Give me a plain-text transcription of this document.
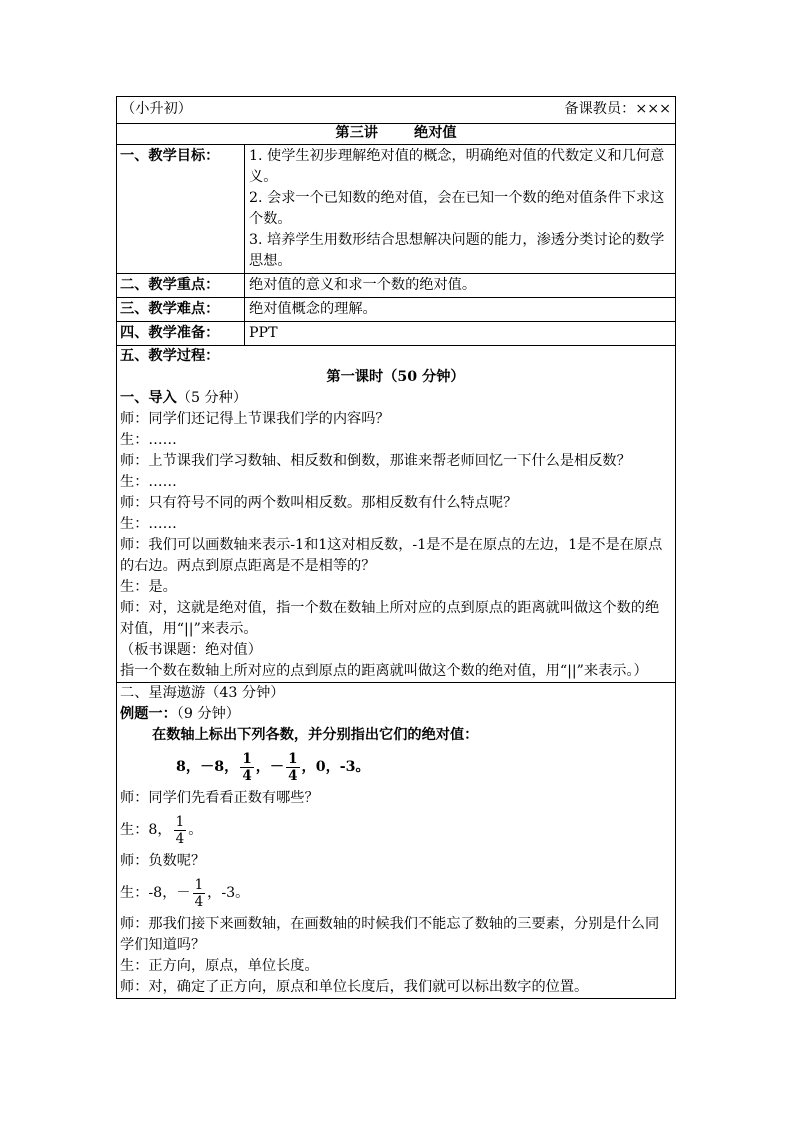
（小升初）	备课教员：×××
第三讲	绝对值
一、教学目标：	1. 使学生初步理解绝对值的概念，明确绝对值的代数定义和几何意义。
2. 会求一个已知数的绝对值，会在已知一个数的绝对值条件下求这个数。
3. 培养学生用数形结合思想解决问题的能力，渗透分类讨论的数学思想。
二、教学重点：	绝对值的意义和求一个数的绝对值。
三、教学难点：	绝对值概念的理解。
四、教学准备：	PPT
五、教学过程：
第一课时（50 分钟）
一、导入（5 分种）
师：同学们还记得上节课我们学的内容吗？
生：……
师：上节课我们学习数轴、相反数和倒数，那谁来帮老师回忆一下什么是相反数？
生：……
师：只有符号不同的两个数叫相反数。那相反数有什么特点呢？
生：……
师：我们可以画数轴来表示-1和1这对相反数，-1是不是在原点的左边，1是不是在原点的右边。两点到原点距离是不是相等的？
生：是。
师：对，这就是绝对值，指一个数在数轴上所对应的点到原点的距离就叫做这个数的绝对值，用“||”来表示。
（板书课题：绝对值）
指一个数在数轴上所对应的点到原点的距离就叫做这个数的绝对值，用“||”来表示。）
二、星海遨游（43 分钟）
例题一：（9 分钟）
在数轴上标出下列各数，并分别指出它们的绝对值：
8， －8， $\frac{1}{4}$ ，－ $\frac{1}{4}$ ，0，-3。
师：同学们先看看正数有哪些？
生：8， $\frac{1}{4}$ 。
师：负数呢？
生：-8，－ $\frac{1}{4}$ ，-3。
师：那我们接下来画数轴，在画数轴的时候我们不能忘了数轴的三要素，分别是什么同学们知道吗？
生：正方向，原点，单位长度。
师：对，确定了正方向，原点和单位长度后，我们就可以标出数字的位置。
